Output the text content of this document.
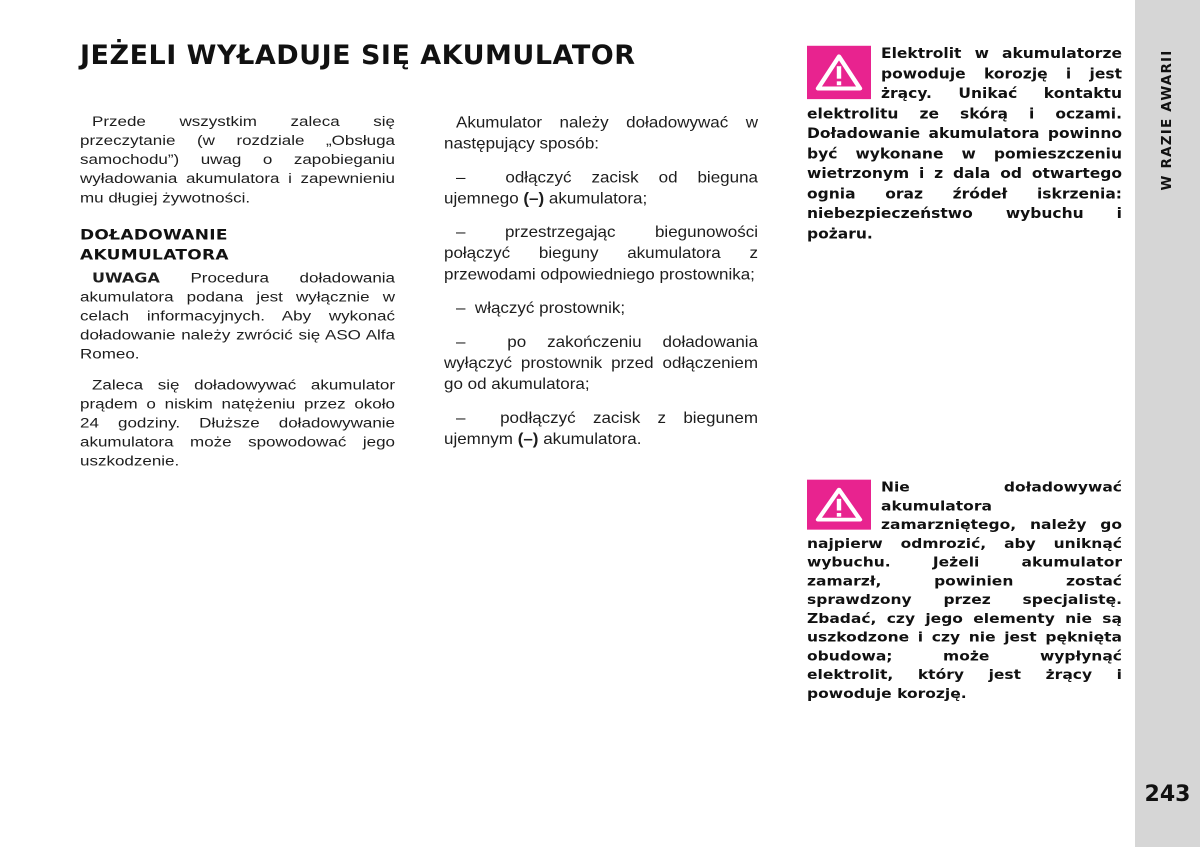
JEŻELI WYŁADUJE SIĘ AKUMULATOR

Przede wszystkim zaleca się przeczytanie (w rozdziale „Obsługa samochodu”) uwag o zapobieganiu wyładowania akumulatora i zapewnieniu mu długiej żywotności.

DOŁADOWANIE
AKUMULATORA

UWAGA Procedura doładowania akumulatora podana jest wyłącznie w celach informacyjnych. Aby wykonać doładowanie należy zwrócić się ASO Alfa Romeo.

Zaleca się doładowywać akumulator prądem o niskim natężeniu przez około 24 godziny. Dłuższe doładowywanie akumulatora może spowodować jego uszkodzenie.

Akumulator należy doładowywać w następujący sposób:

– odłączyć zacisk od bieguna ujemnego (–) akumulatora;

– przestrzegając biegunowości połączyć bieguny akumulatora z przewodami odpowiedniego prostownika;

– włączyć prostownik;

– po zakończeniu doładowania wyłączyć prostownik przed odłączeniem go od akumulatora;

– podłączyć zacisk z biegunem ujemnym (–) akumulatora.

Elektrolit w akumulatorze powoduje korozję i jest żrący. Unikać kontaktu elektrolitu ze skórą i oczami. Doładowanie akumulatora powinno być wykonane w pomieszczeniu wietrzonym i z dala od otwartego ognia oraz źródeł iskrzenia: niebezpieczeństwo wybuchu i pożaru.
Nie doładowywać akumulatora zamarzniętego, należy go najpierw odmrozić, aby uniknąć wybuchu. Jeżeli akumulator zamarzł, powinien zostać sprawdzony przez specjalistę. Zbadać, czy jego elementy nie są uszkodzone i czy nie jest pęknięta obudowa; może wypłynąć elektrolit, który jest żrący i powoduje korozję.
W RAZIE AWARII
243
